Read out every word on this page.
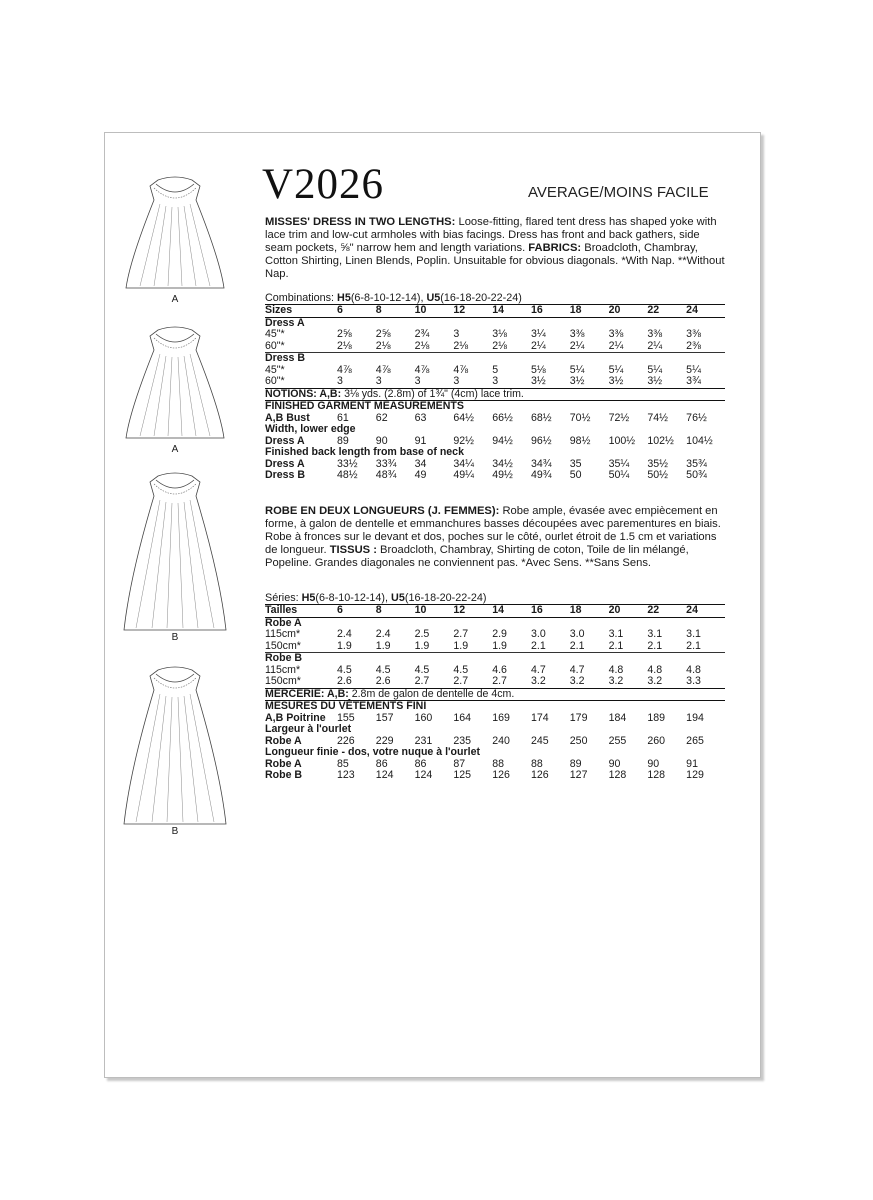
A
A
B
B
V2026	AVERAGE/MOINS FACILE
MISSES' DRESS IN TWO LENGTHS: Loose-fitting, flared tent dress has shaped yoke with lace trim and low-cut armholes with bias facings. Dress has front and back gathers, side seam pockets, ⅝" narrow hem and length variations. FABRICS: Broadcloth, Chambray, Cotton Shirting, Linen Blends, Poplin. Unsuitable for obvious diagonals. *With Nap. **Without Nap.
Combinations: H5(6-8-10-12-14), U5(16-18-20-22-24)
Sizes	6	8	10	12	14	16	18	20	22	24
Dress A										
45"*	2⅝	2⅝	2¾	3	3⅛	3¼	3⅜	3⅜	3⅜	3⅜
60"*	2⅛	2⅛	2⅛	2⅛	2⅛	2¼	2¼	2¼	2¼	2⅜
Dress B										
45"*	4⅞	4⅞	4⅞	4⅞	5	5⅛	5¼	5¼	5¼	5¼
60"*	3	3	3	3	3	3½	3½	3½	3½	3¾
NOTIONS: A,B: 3⅛ yds. (2.8m) of 1¾" (4cm) lace trim.										
FINISHED GARMENT MEASUREMENTS										
A,B Bust	61	62	63	64½	66½	68½	70½	72½	74½	76½
Width, lower edge										
Dress A	89	90	91	92½	94½	96½	98½	100½	102½	104½
Finished back length from base of neck										
Dress A	33½	33¾	34	34¼	34½	34¾	35	35¼	35½	35¾
Dress B	48½	48¾	49	49¼	49½	49¾	50	50¼	50½	50¾
ROBE EN DEUX LONGUEURS (J. FEMMES): Robe ample, évasée avec empiècement en forme, à galon de dentelle et emmanchures basses découpées avec parementures en biais. Robe à fronces sur le devant et dos, poches sur le côté, ourlet étroit de 1.5 cm et variations de longueur. TISSUS : Broadcloth, Chambray, Shirting de coton, Toile de lin mélangé, Popeline. Grandes diagonales ne conviennent pas. *Avec Sens. **Sans Sens.
Séries: H5(6-8-10-12-14), U5(16-18-20-22-24)
Tailles	6	8	10	12	14	16	18	20	22	24
Robe A										
115cm*	2.4	2.4	2.5	2.7	2.9	3.0	3.0	3.1	3.1	3.1
150cm*	1.9	1.9	1.9	1.9	1.9	2.1	2.1	2.1	2.1	2.1
Robe B										
115cm*	4.5	4.5	4.5	4.5	4.6	4.7	4.7	4.8	4.8	4.8
150cm*	2.6	2.6	2.7	2.7	2.7	3.2	3.2	3.2	3.2	3.3
MERCERIE: A,B: 2.8m de galon de dentelle de 4cm.										
MESURES DU VÊTEMENTS FINI										
A,B Poitrine	155	157	160	164	169	174	179	184	189	194
Largeur à l'ourlet										
Robe A	226	229	231	235	240	245	250	255	260	265
Longueur finie - dos, votre nuque à l'ourlet										
Robe A	85	86	86	87	88	88	89	90	90	91
Robe B	123	124	124	125	126	126	127	128	128	129
